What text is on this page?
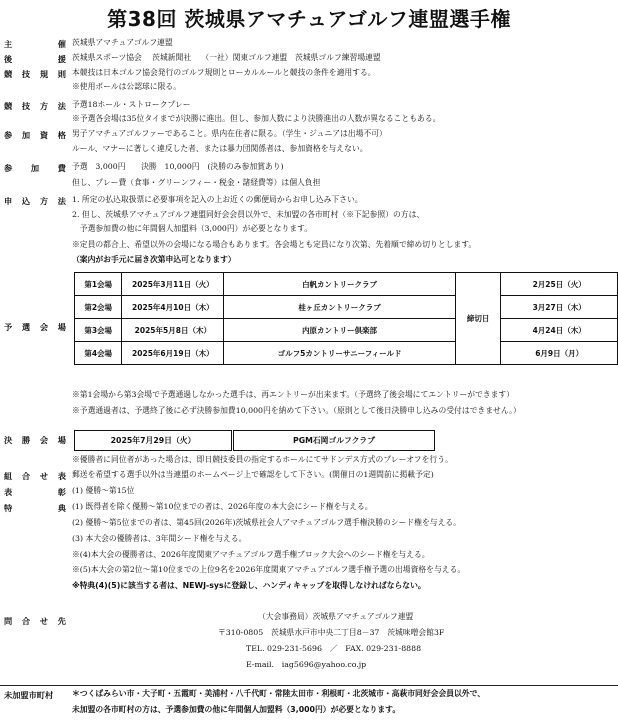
第38回 茨城県アマチュアゴルフ連盟選手権
主	催 茨城県アマチュアゴルフ連盟
後	援 茨城県スポーツ協会　 茨城新聞社　 （一社）関東ゴルフ連盟　茨城県ゴルフ練習場連盟
競 技 規 則 本競技は日本ゴルフ協会発行のゴルフ規則とローカルルールと競技の条件を適用する。
※使用ボールは公認球に限る。
競 技 方 法 予選18ホール・ストロークプレー
※予選各会場は35位タイまでが決勝に進出。但し、参加人数により決勝進出の人数が異なることもある。
参 加 資 格 男子アマチュアゴルファーであること。県内在住者に限る。（学生・ジュニアは出場不可）
ルール、マナーに著しく違反した者、または暴力団関係者は、参加資格を与えない。
参 加 費 予選　3,000円　　決勝　10,000円　(決勝のみ参加賞あり)
但し、プレー費（食事・グリーンフィー・税金・諸経費等）は個人負担
申 込 方 法 1. 所定の払込取扱票に必要事項を記入の上お近くの郵便局からお申し込み下さい。
2. 但し、茨城県アマチュアゴルフ連盟同好会会員以外で、未加盟の各市町村（※下記参照）の方は、
　予選参加費の他に年間個人加盟料（3,000円）が必要となります。
※定員の都合上、希望以外の会場になる場合もあります。各会場とも定員になり次第、先着順で締め切りとします。
（案内がお手元に届き次第申込可となります）
予 選 会 場
第1会場	2025年3月11日（火）	白帆カントリークラブ	締切日	2月25日（火）
第2会場	2025年4月10日（木）	桂ヶ丘カントリークラブ		3月27日（木）
第3会場	2025年5月8日（木）	内原カントリー倶楽部		4月24日（木）
第4会場	2025年6月19日（木）	ゴルフ5カントリーサニーフィールド		6月9日（月）
※第1会場から第3会場で予選通過しなかった選手は、再エントリーが出来ます。（予選終了後会場にてエントリーができます）
※予選通過者は、予選終了後に必ず決勝参加費10,000円を納めて下さい。（原則として後日決勝申し込みの受付はできません。）
決 勝 会 場	2025年7月29日（火）	PGM石岡ゴルフクラブ
※優勝者に同位者があった場合は、即日競技委員の指定するホールにてサドンデス方式のプレーオフを行う。
組 合 せ 表 郵送を希望する選手以外は当連盟のホームページ上で確認をして下さい。(開催日の1週間前に掲載予定)
表	彰 (1) 優勝～第15位
特	典 (1) 既得者を除く優勝～第10位までの者は、2026年度の本大会にシード権を与える。
(2) 優勝～第5位までの者は、第45回(2026年)茨城県社会人アマチュアゴルフ選手権決勝のシード権を与える。
(3) 本大会の優勝者は、3年間シード権を与える。
※(4)本大会の優勝者は、2026年度関東アマチュアゴルフ選手権ブロック大会へのシード権を与える。
※(5)本大会の第2位～第10位までの上位9名を2026年度関東アマチュアゴルフ選手権予選の出場資格を与える。
※特典(4)(5)に該当する者は、NEWJ-sysに登録し、ハンディキャップを取得しなければならない。
問 合 せ 先	（大会事務局）茨城県アマチュアゴルフ連盟
〒310-0805　茨城県水戸市中央二丁目8－37　茨城味噌会館3F
TEL. 029-231-5696　／　FAX. 029-231-8888
E-mail.　iag5696@yahoo.co.jp
未加盟市町村	＊つくばみらい市・大子町・五霞町・美浦村・八千代町・常陸太田市・利根町・北茨城市・高萩市同好会会員以外で、
未加盟の各市町村の方は、予選参加費の他に年間個人加盟料（3,000円）が必要となります。
